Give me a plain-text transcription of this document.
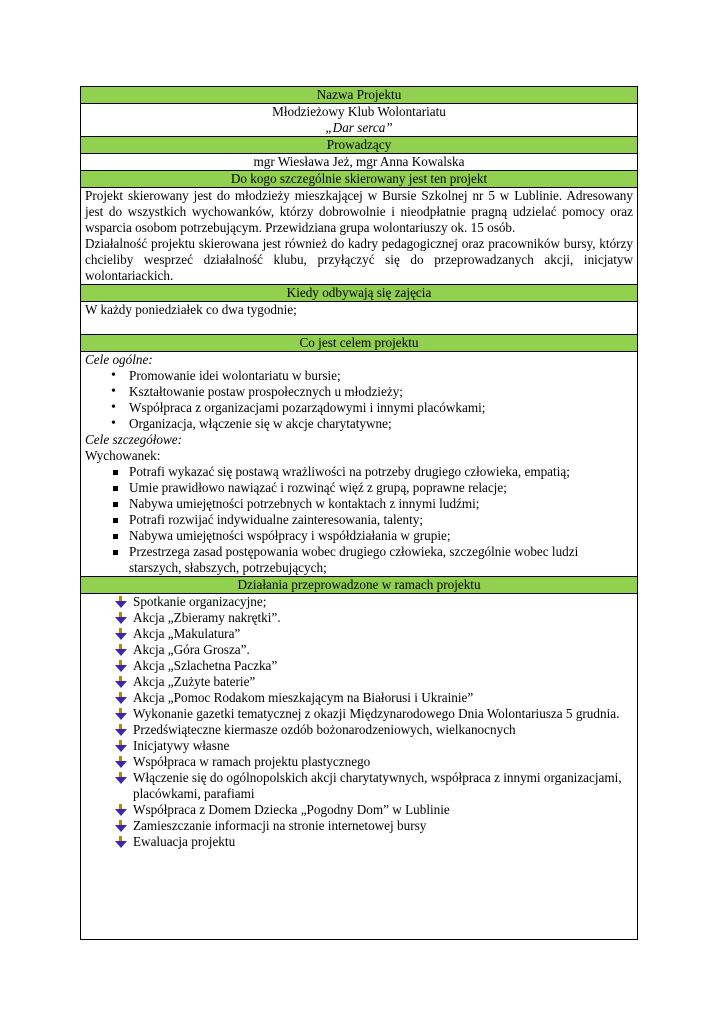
Nazwa Projektu

Młodzieżowy Klub Wolontariatu
„Dar serca”

Prowadzący
mgr Wiesława Jeż, mgr Anna Kowalska
Do kogo szczególnie skierowany jest ten projekt

Projekt skierowany jest do młodzieży mieszkającej w Bursie Szkolnej nr 5 w Lublinie. Adresowany jest do wszystkich wychowanków, którzy dobrowolnie i nieodpłatnie pragną udzielać pomocy oraz wsparcia osobom potrzebującym. Przewidziana grupa wolontariuszy ok. 15 osób.
Działalność projektu skierowana jest również do kadry pedagogicznej oraz pracowników bursy, którzy chcieliby wesprzeć działalność klubu, przyłączyć się do przeprowadzanych akcji, inicjatyw wolontariackich.

Kiedy odbywają się zajęcia

W każdy poniedziałek co dwa tygodnie;

Co jest celem projektu

Cele ogólne:
• Promowanie idei wolontariatu w bursie;
• Kształtowanie postaw prospołecznych u młodzieży;
• Współpraca z organizacjami pozarządowymi i innymi placówkami;
• Organizacja, włączenie się w akcje charytatywne;
Cele szczegółowe:
Wychowanek:
Potrafi wykazać się postawą wrażliwości na potrzeby drugiego człowieka, empatią;
Umie prawidłowo nawiązać i rozwinąć więź z grupą, poprawne relacje;
Nabywa umiejętności potrzebnych w kontaktach z innymi ludźmi;
Potrafi rozwijać indywidualne zainteresowania, talenty;
Nabywa umiejętności współpracy i współdziałania w grupie;
Przestrzega zasad postępowania wobec drugiego człowieka, szczególnie wobec ludzi starszych, słabszych, potrzebujących;

Działania przeprowadzone w ramach projektu

Spotkanie organizacyjne;
Akcja „Zbieramy nakrętki”.
Akcja „Makulatura”
Akcja „Góra Grosza”.
Akcja „Szlachetna Paczka”
Akcja „Zużyte baterie”
Akcja „Pomoc Rodakom mieszkającym na Białorusi i Ukrainie”
Wykonanie gazetki tematycznej z okazji Międzynarodowego Dnia Wolontariusza 5 grudnia.
Przedświąteczne kiermasze ozdób bożonarodzeniowych, wielkanocnych
Inicjatywy własne
Współpraca w ramach projektu plastycznego
Włączenie się do ogólnopolskich akcji charytatywnych, współpraca z innymi organizacjami, placówkami, parafiami
Współpraca z Domem Dziecka „Pogodny Dom” w Lublinie
Zamieszczanie informacji na stronie internetowej bursy
Ewaluacja projektu
